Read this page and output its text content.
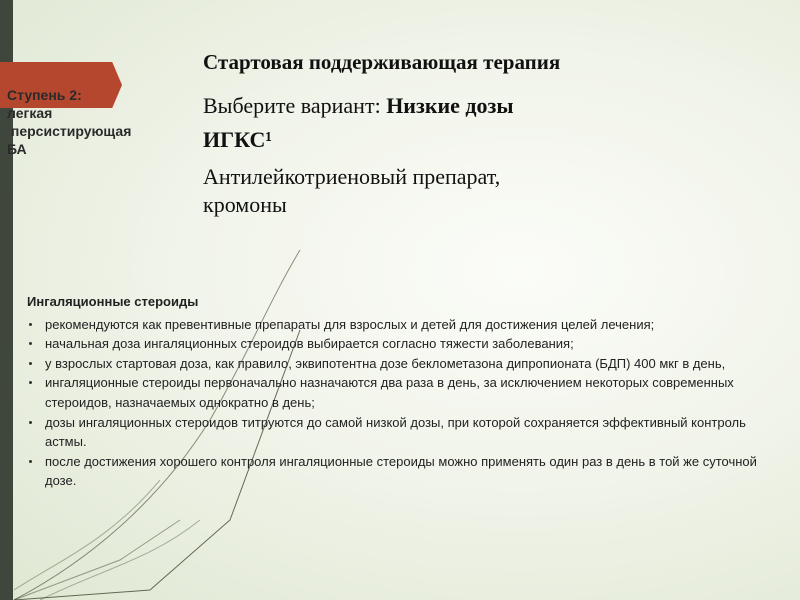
Ступень 2:
легкая
персистирующая
БА
Стартовая поддерживающая терапия
Выберите вариант: Низкие дозы
ИГКС¹
Антилейкотриеновый препарат,
кромоны
Ингаляционные стероиды
рекомендуются как превентивные препараты для взрослых и детей для достижения целей лечения;
начальная доза ингаляционных стероидов выбирается согласно тяжести заболевания;
у взрослых стартовая доза, как правило, эквипотентна дозе беклометазона дипропионата (БДП) 400 мкг в день,
ингаляционные стероиды первоначально назначаются два раза в день, за исключением некоторых современных стероидов, назначаемых однократно в день;
дозы ингаляционных стероидов титруются до самой низкой дозы, при которой сохраняется эффективный контроль астмы.
после достижения хорошего контроля ингаляционные стероиды можно применять один раз в день в той же суточной дозе.
